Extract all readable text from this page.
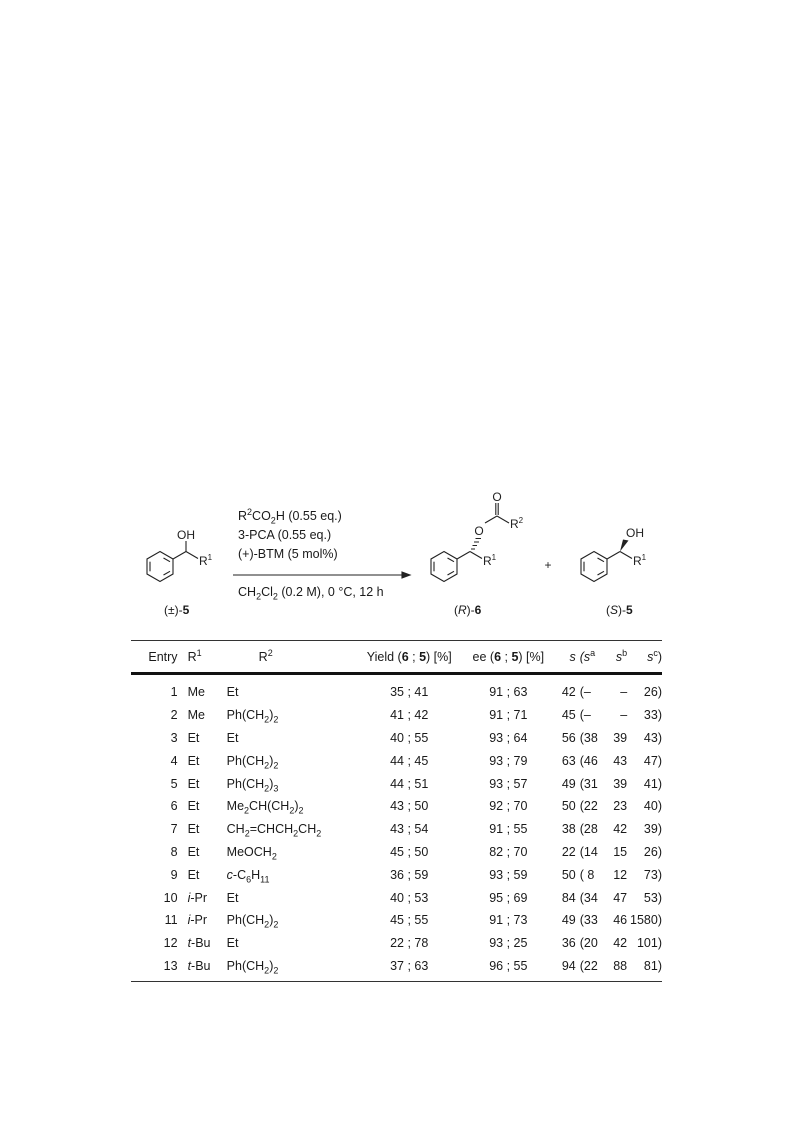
OH
$R^1$
O
O
$R^2$
$R^1$
+
OH
$R^1$
$R^2CO_2H$ (0.55 eq.)
3-PCA (0.55 eq.)
(+)-BTM (5 mol%)
$CH_2Cl_2$ (0.2 M), 0 °C, 12 h
(±)-5	(R)-6	(S)-5
Entry	$R^1$	$R^2$	Yield (6 ; 5) [%]	ee (6 ; 5) [%]	s	($s^a$	$s^b$	$s^c$)
1	Me	Et	35 ; 41	91 ; 63	42	(–	–	26)
2	Me	$Ph(CH_2)_2$	41 ; 42	91 ; 71	45	(–	–	33)
3	Et	Et	40 ; 55	93 ; 64	56	(38	39	43)
4	Et	$Ph(CH_2)_2$	44 ; 45	93 ; 79	63	(46	43	47)
5	Et	$Ph(CH_2)_3$	44 ; 51	93 ; 57	49	(31	39	41)
6	Et	$Me_2CH(CH_2)_2$	43 ; 50	92 ; 70	50	(22	23	40)
7	Et	$CH_2=CHCH_2CH_2$	43 ; 54	91 ; 55	38	(28	42	39)
8	Et	MeOCH$_2$	45 ; 50	82 ; 70	22	(14	15	26)
9	Et	$c-C_6H_{11}$	36 ; 59	93 ; 59	50	( 8	12	73)
10	i-Pr	Et	40 ; 53	95 ; 69	84	(34	47	53)
11	i-Pr	$Ph(CH_2)_2$	45 ; 55	91 ; 73	49	(33	46	1580)
12	t-Bu	Et	22 ; 78	93 ; 25	36	(20	42	101)
13	t-Bu	$Ph(CH_2)_2$	37 ; 63	96 ; 55	94	(22	88	81)
